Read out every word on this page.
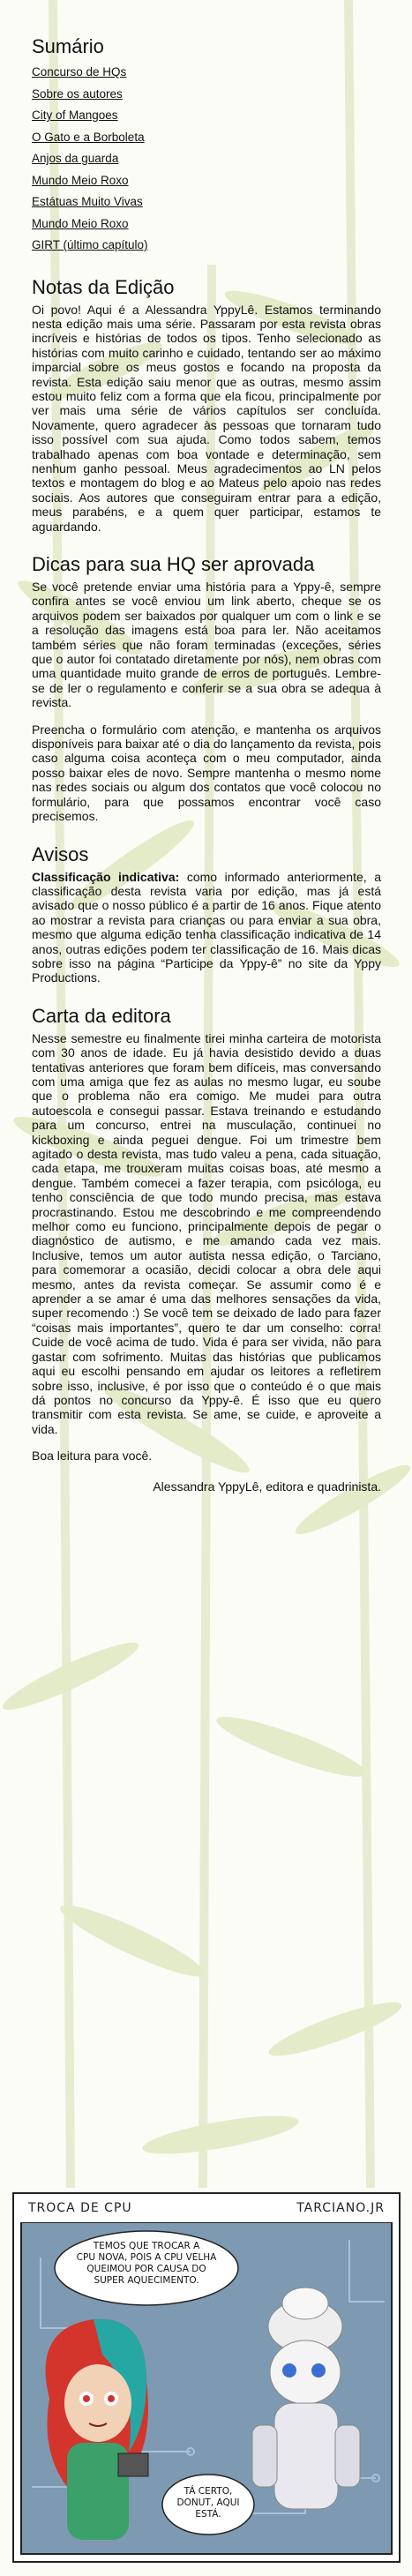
Sumário
Concurso de HQs
Sobre os autores
City of Mangoes
O Gato e a Borboleta
Anjos da guarda
Mundo Meio Roxo
Estátuas Muito Vivas
Mundo Meio Roxo
GIRT (último capítulo)
Notas da Edição

Oi povo! Aqui é a Alessandra YppyLê. Estamos terminando nesta edição mais uma série. Passaram por esta revista obras incríveis e histórias de todos os tipos. Tenho selecionado as histórias com muito carinho e cuidado, tentando ser ao máximo imparcial sobre os meus gostos e focando na proposta da revista. Esta edição saiu menor que as outras, mesmo assim estou muito feliz com a forma que ela ficou, principalmente por ver mais uma série de vários capítulos ser concluída. Novamente, quero agradecer às pessoas que tornaram tudo isso possível com sua ajuda. Como todos sabem, temos trabalhado apenas com boa vontade e determinação, sem nenhum ganho pessoal. Meus agradecimentos ao LN pelos textos e montagem do blog e ao Mateus pelo apoio nas redes sociais. Aos autores que conseguiram entrar para a edição, meus parabéns, e a quem quer participar, estamos te aguardando.

Dicas para sua HQ ser aprovada

Se você pretende enviar uma história para a Yppy-ê, sempre confira antes se você enviou um link aberto, cheque se os arquivos podem ser baixados por qualquer um com o link e se a resolução das imagens está boa para ler. Não aceitamos também séries que não foram terminadas (exceções, séries que o autor foi contatado diretamente por nós), nem obras com uma quantidade muito grande de erros de português. Lembre-se de ler o regulamento e conferir se a sua obra se adequa à revista.

Preencha o formulário com atenção, e mantenha os arquivos disponíveis para baixar até o dia do lançamento da revista, pois caso alguma coisa aconteça com o meu computador, ainda posso baixar eles de novo. Sempre mantenha o mesmo nome nas redes sociais ou algum dos contatos que você colocou no formulário, para que possamos encontrar você caso precisemos.

Avisos

Classificação indicativa: como informado anteriormente, a classificação desta revista varia por edição, mas já está avisado que o nosso público é a partir de 16 anos. Fique atento ao mostrar a revista para crianças ou para enviar a sua obra, mesmo que alguma edição tenha classificação indicativa de 14 anos, outras edições podem ter classificação de 16. Mais dicas sobre isso na página “Participe da Yppy-ê” no site da Yppy Productions.

Carta da editora

Nesse semestre eu finalmente tirei minha carteira de motorista com 30 anos de idade. Eu já havia desistido devido a duas tentativas anteriores que foram bem difíceis, mas conversando com uma amiga que fez as aulas no mesmo lugar, eu soube que o problema não era comigo. Me mudei para outra autoescola e consegui passar. Estava treinando e estudando para um concurso, entrei na musculação, continuei no kickboxing e ainda peguei dengue. Foi um trimestre bem agitado o desta revista, mas tudo valeu a pena, cada situação, cada etapa, me trouxeram muitas coisas boas, até mesmo a dengue. Também comecei a fazer terapia, com psicóloga, eu tenho consciência de que todo mundo precisa, mas estava procrastinando. Estou me descobrindo e me compreendendo melhor como eu funciono, principalmente depois de pegar o diagnóstico de autismo, e me amando cada vez mais. Inclusive, temos um autor autista nessa edição, o Tarciano, para comemorar a ocasião, decidi colocar a obra dele aqui mesmo, antes da revista começar. Se assumir como é e aprender a se amar é uma das melhores sensações da vida, super recomendo :) Se você tem se deixado de lado para fazer “coisas mais importantes”, quero te dar um conselho: corra! Cuide de você acima de tudo. Vida é para ser vivida, não para gastar com sofrimento. Muitas das histórias que publicamos aqui eu escolhi pensando em ajudar os leitores a refletirem sobre isso, inclusive, é por isso que o conteúdo é o que mais dá pontos no concurso da Yppy-ê. É isso que eu quero transmitir com esta revista. Se ame, se cuide, e aproveite a vida.

Boa leitura para você.

Alessandra YppyLê, editora e quadrinista.

TROCA DE CPU	TARCIANO.JR
TEMOS QUE TROCAR A
CPU NOVA, POIS A CPU VELHA
QUEIMOU POR CAUSA DO
SUPER AQUECIMENTO.
TÁ CERTO,
DONUT, AQUI
ESTÁ.
